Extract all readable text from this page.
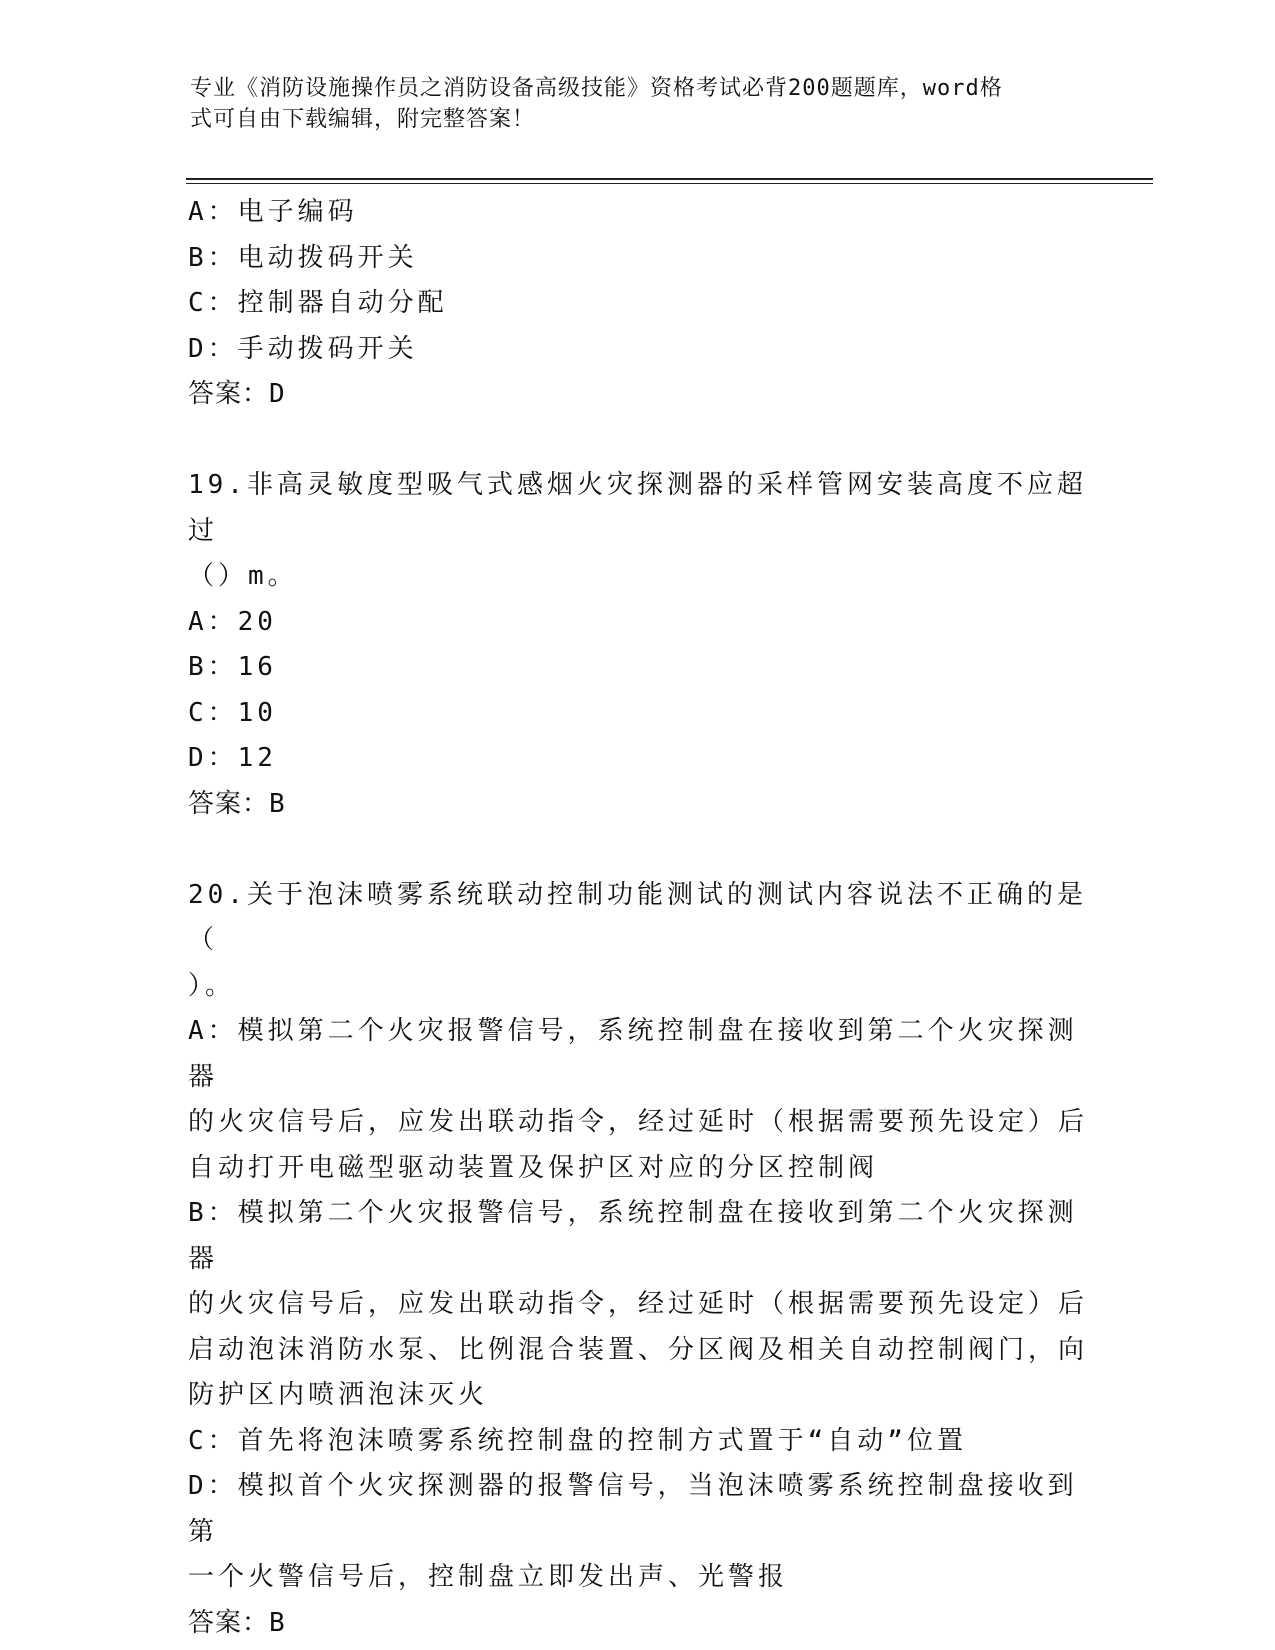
专业《消防设施操作员之消防设备高级技能》资格考试必背200题题库，word格
式可自由下载编辑，附完整答案！
A：电子编码
B：电动拨码开关
C：控制器自动分配
D：手动拨码开关
答案：D
19.非高灵敏度型吸气式感烟火灾探测器的采样管网安装高度不应超过
（）m。
A：20
B：16
C：10
D：12
答案：B
20.关于泡沫喷雾系统联动控制功能测试的测试内容说法不正确的是（
）。
A：模拟第二个火灾报警信号，系统控制盘在接收到第二个火灾探测器
的火灾信号后，应发出联动指令，经过延时（根据需要预先设定）后
自动打开电磁型驱动装置及保护区对应的分区控制阀
B：模拟第二个火灾报警信号，系统控制盘在接收到第二个火灾探测器
的火灾信号后，应发出联动指令，经过延时（根据需要预先设定）后
启动泡沫消防水泵、比例混合装置、分区阀及相关自动控制阀门，向
防护区内喷洒泡沫灭火
C：首先将泡沫喷雾系统控制盘的控制方式置于“自动”位置
D：模拟首个火灾探测器的报警信号，当泡沫喷雾系统控制盘接收到第
一个火警信号后，控制盘立即发出声、光警报
答案：B
